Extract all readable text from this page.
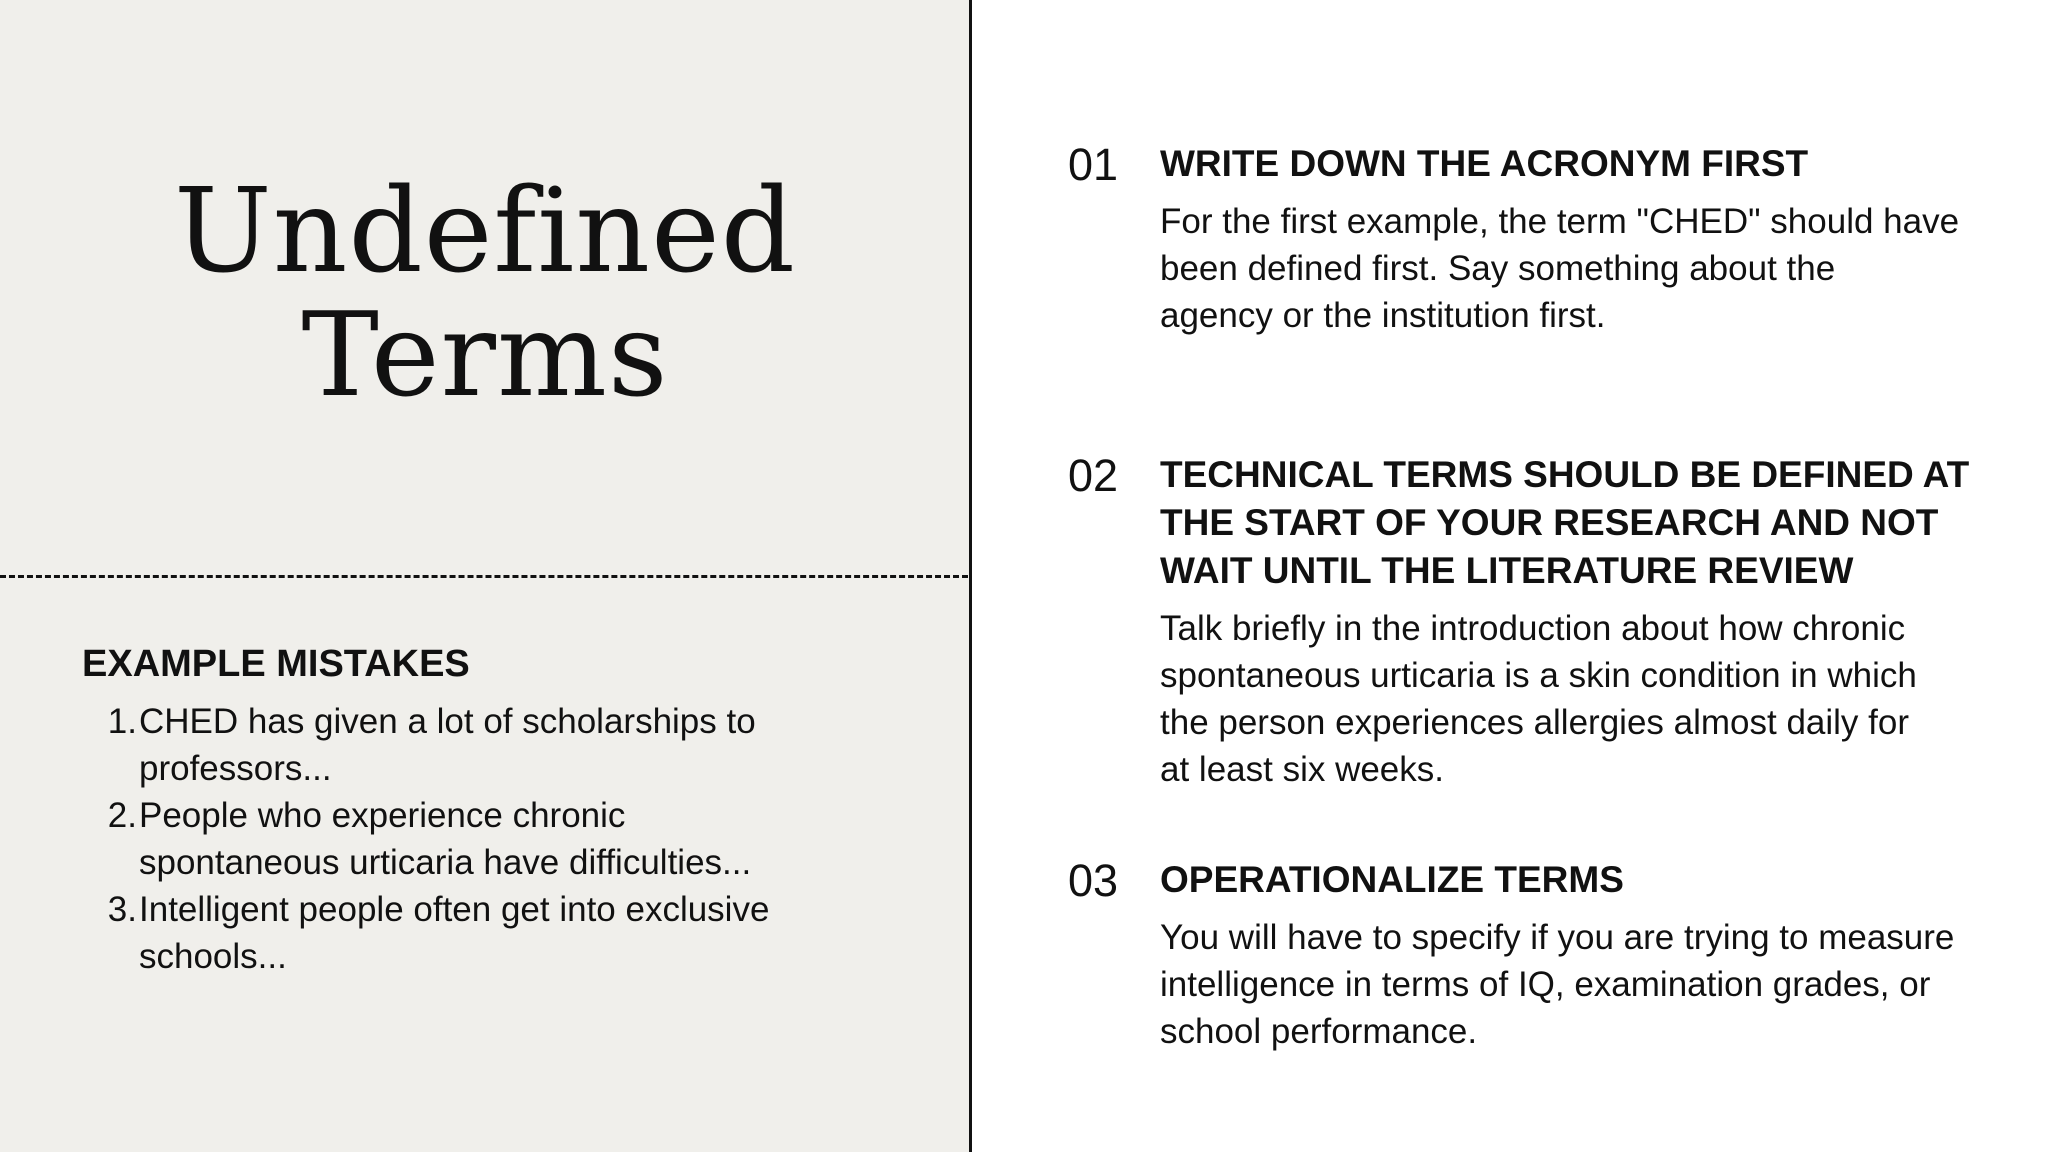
Undefined
Terms
EXAMPLE MISTAKES
1. CHED has given a lot of scholarships to
professors...
2. People who experience chronic
spontaneous urticaria have difficulties...
3. Intelligent people often get into exclusive
schools...
01 WRITE DOWN THE ACRONYM FIRST

For the first example, the term "CHED" should have
been defined first. Say something about the
agency or the institution first.

02 TECHNICAL TERMS SHOULD BE DEFINED AT
THE START OF YOUR RESEARCH AND NOT
WAIT UNTIL THE LITERATURE REVIEW

Talk briefly in the introduction about how chronic
spontaneous urticaria is a skin condition in which
the person experiences allergies almost daily for
at least six weeks.

03 OPERATIONALIZE TERMS

You will have to specify if you are trying to measure
intelligence in terms of IQ, examination grades, or
school performance.
